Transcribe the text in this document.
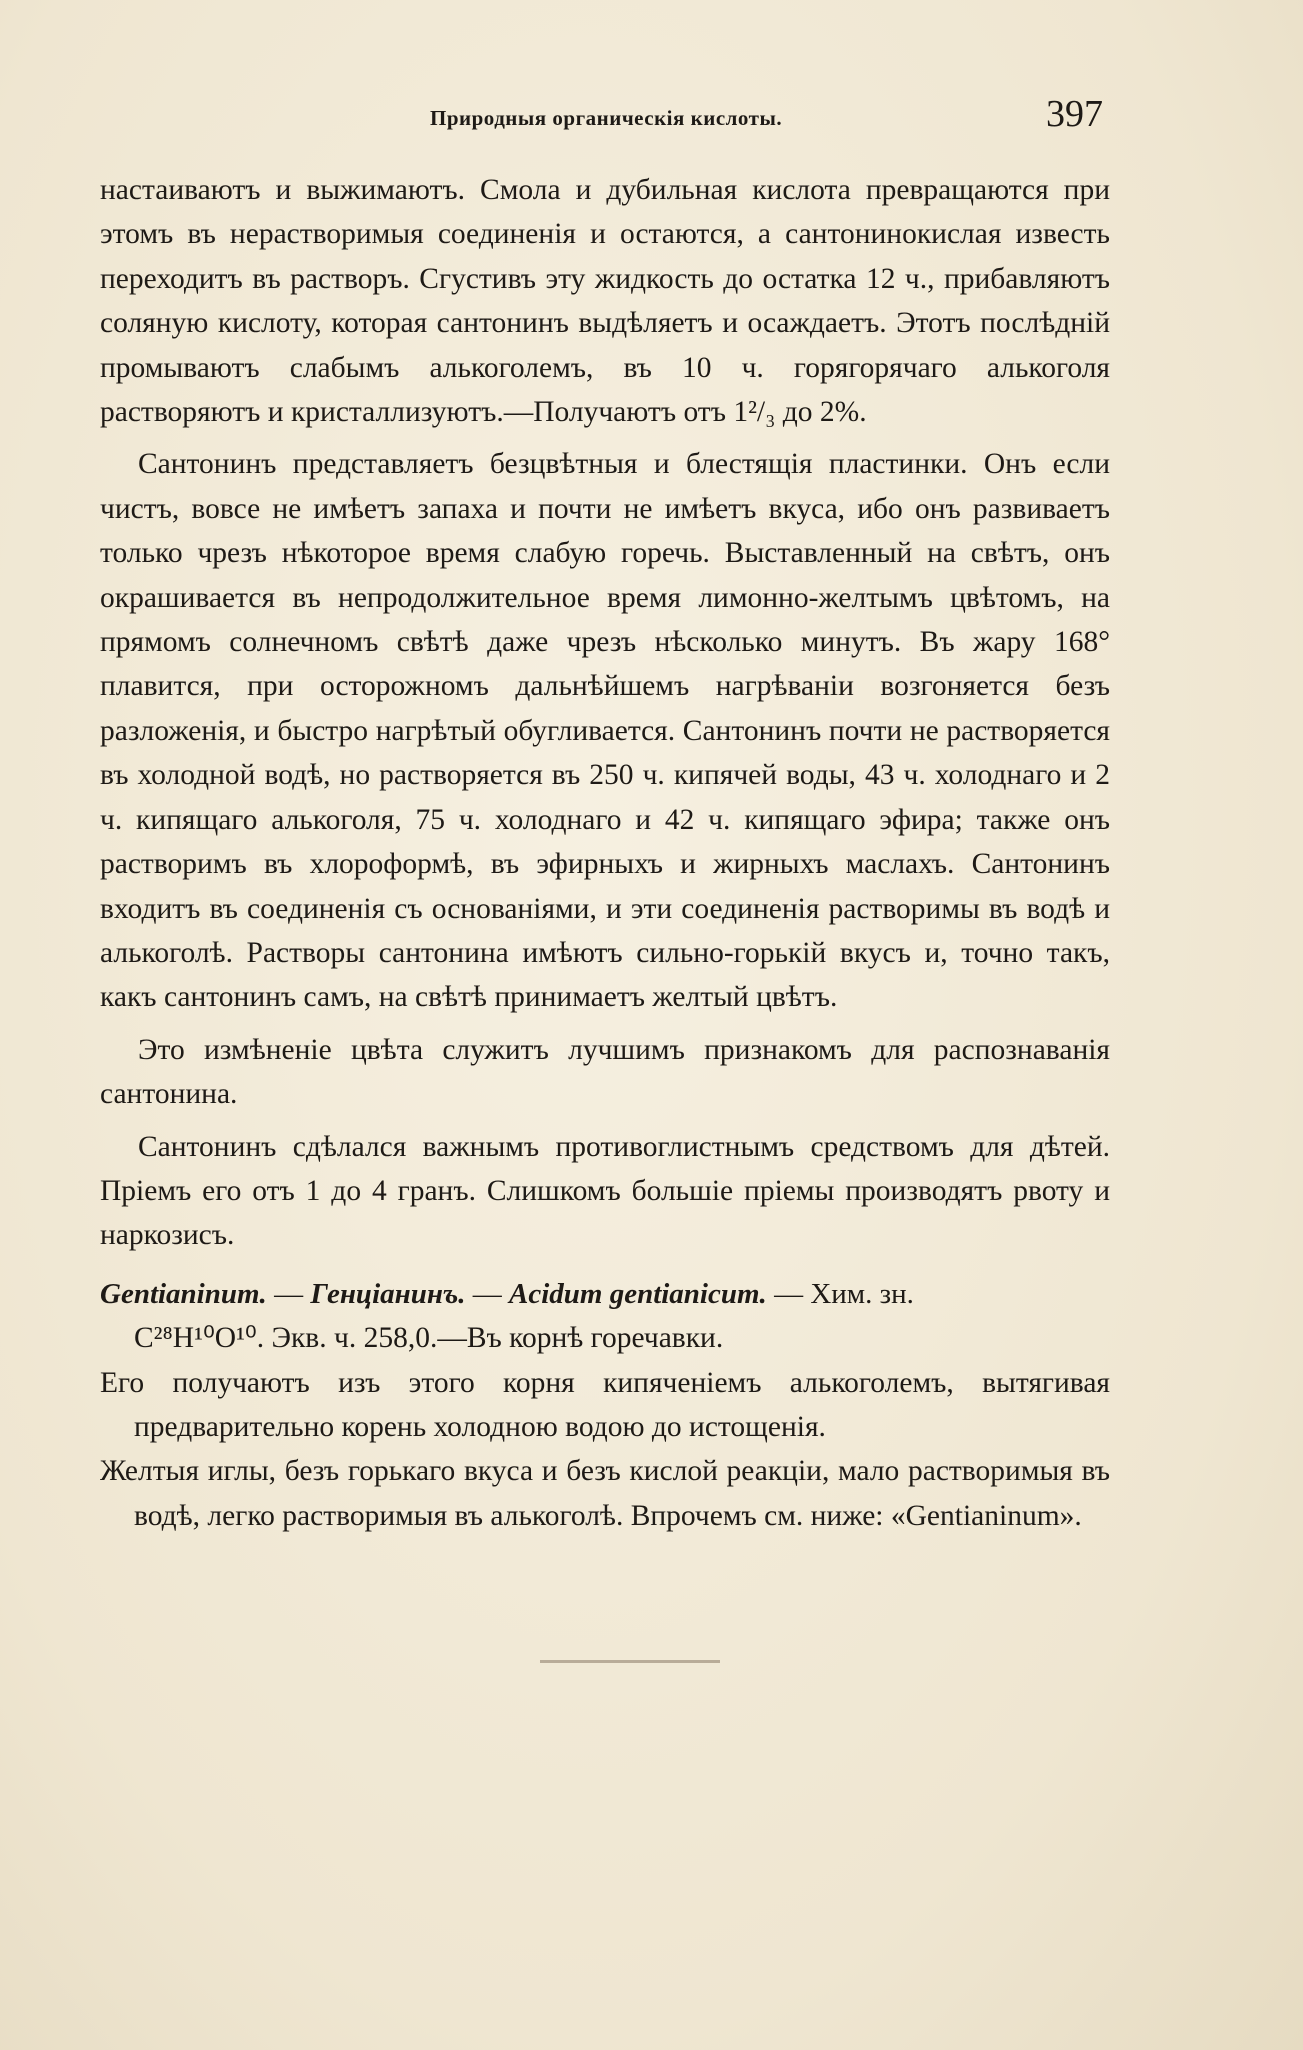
Природныя органическія кислоты.	397

настаиваютъ и выжимаютъ. Смола и дубильная кислота превращаются при этомъ въ нерастворимыя соединенія и остаются, а сантонинокислая известь переходитъ въ растворъ. Сгустивъ эту жидкость до остатка 12 ч., прибавляютъ соляную кислоту, которая сантонинъ выдѣляетъ и осаждаетъ. Этотъ послѣдній промываютъ слабымъ алькоголемъ, въ 10 ч. горягорячаго алькоголя растворяютъ и кристаллизуютъ.—Получаютъ отъ 1²/₃ до 2%.

Сантонинъ представляетъ безцвѣтныя и блестящія пластинки. Онъ если чистъ, вовсе не имѣетъ запаха и почти не имѣетъ вкуса, ибо онъ развиваетъ только чрезъ нѣкоторое время слабую горечь. Выставленный на свѣтъ, онъ окрашивается въ непродолжительное время лимонно-желтымъ цвѣтомъ, на прямомъ солнечномъ свѣтѣ даже чрезъ нѣсколько минутъ. Въ жару 168° плавится, при осторожномъ дальнѣйшемъ нагрѣваніи возгоняется безъ разложенія, и быстро нагрѣтый обугливается. Сантонинъ почти не растворяется въ холодной водѣ, но растворяется въ 250 ч. кипячей воды, 43 ч. холоднаго и 2 ч. кипящаго алькоголя, 75 ч. холоднаго и 42 ч. кипящаго эфира; также онъ растворимъ въ хлороформѣ, въ эфирныхъ и жирныхъ маслахъ. Сантонинъ входитъ въ соединенія съ основаніями, и эти соединенія растворимы въ водѣ и алькоголѣ. Растворы сантонина имѣютъ сильно-горькій вкусъ и, точно такъ, какъ сантонинъ самъ, на свѣтѣ принимаетъ желтый цвѣтъ.

Это измѣненіе цвѣта служитъ лучшимъ признакомъ для распознаванія сантонина.

Сантонинъ сдѣлался важнымъ противоглистнымъ средствомъ для дѣтей. Пріемъ его отъ 1 до 4 гранъ. Слишкомъ большіе пріемы производятъ рвоту и наркозисъ.

Gentianinum. — Генціанинъ. — Acidum gentianicum. — Хим. зн.

C²⁸H¹⁰O¹⁰. Экв. ч. 258,0.—Въ корнѣ горечавки.

Его получаютъ изъ этого корня кипяченіемъ алькоголемъ, вытягивая предварительно корень холодною водою до истощенія.

Желтыя иглы, безъ горькаго вкуса и безъ кислой реакціи, мало растворимыя въ водѣ, легко растворимыя въ алькоголѣ. Впрочемъ см. ниже: «Gentianinum».
